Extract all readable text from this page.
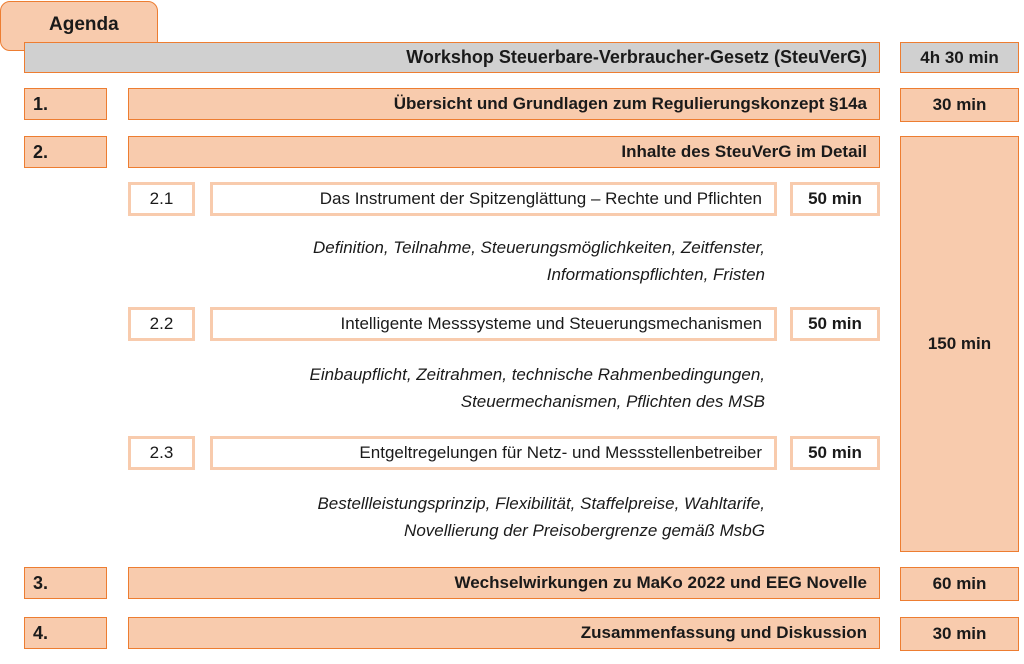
Agenda
Workshop Steuerbare-Verbraucher-Gesetz (SteuVerG)	4h 30 min
1.	Übersicht und Grundlagen zum Regulierungskonzept §14a	30 min
2.	Inhalte des SteuVerG im Detail
150 min
2.1	Das Instrument der Spitzenglättung – Rechte und Pflichten	50 min
Definition, Teilnahme, Steuerungsmöglichkeiten, Zeitfenster,
Informationspflichten, Fristen
2.2	Intelligente Messsysteme und Steuerungsmechanismen	50 min
Einbaupflicht, Zeitrahmen, technische Rahmenbedingungen,
Steuermechanismen, Pflichten des MSB
2.3	Entgeltregelungen für Netz- und Messstellenbetreiber	50 min
Bestellleistungsprinzip, Flexibilität, Staffelpreise, Wahltarife,
Novellierung der Preisobergrenze gemäß MsbG
3.	Wechselwirkungen zu MaKo 2022 und EEG Novelle	60 min
4.	Zusammenfassung und Diskussion	30 min
